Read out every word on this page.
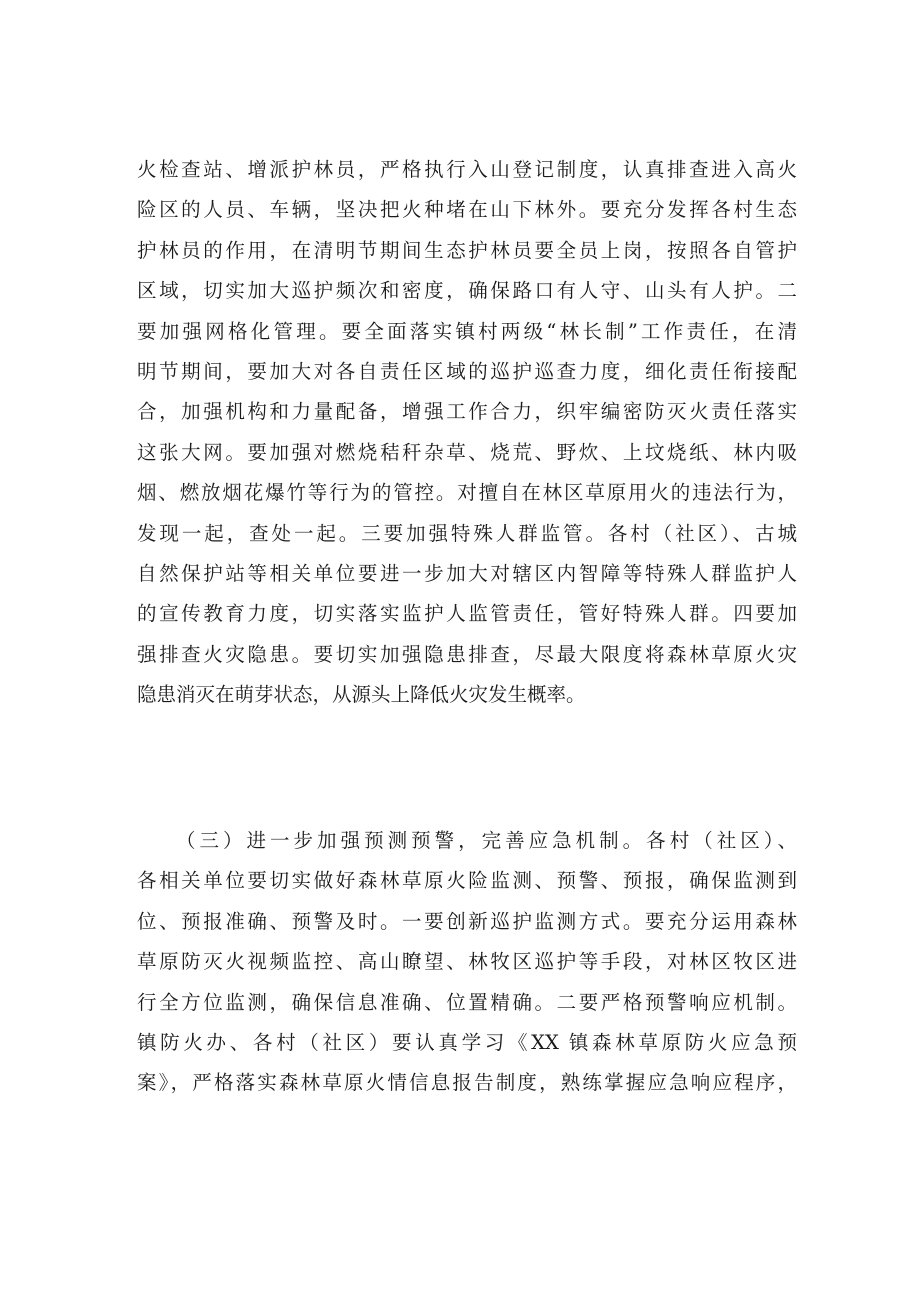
火检查站、增派护林员，严格执行入山登记制度，认真排查进入高火
险区的人员、车辆，坚决把火种堵在山下林外。要充分发挥各村生态
护林员的作用，在清明节期间生态护林员要全员上岗，按照各自管护
区域，切实加大巡护频次和密度，确保路口有人守、山头有人护。二
要加强网格化管理。要全面落实镇村两级“林长制”工作责任，在清
明节期间，要加大对各自责任区域的巡护巡查力度，细化责任衔接配
合，加强机构和力量配备，增强工作合力，织牢编密防灭火责任落实
这张大网。要加强对燃烧秸秆杂草、烧荒、野炊、上坟烧纸、林内吸
烟、燃放烟花爆竹等行为的管控。对擅自在林区草原用火的违法行为，
发现一起，查处一起。三要加强特殊人群监管。各村（社区）、古城
自然保护站等相关单位要进一步加大对辖区内智障等特殊人群监护人
的宣传教育力度，切实落实监护人监管责任，管好特殊人群。四要加
强排查火灾隐患。要切实加强隐患排查，尽最大限度将森林草原火灾
隐患消灭在萌芽状态，从源头上降低火灾发生概率。
（三）进一步加强预测预警，完善应急机制。各村（社区）、
各相关单位要切实做好森林草原火险监测、预警、预报，确保监测到
位、预报准确、预警及时。一要创新巡护监测方式。要充分运用森林
草原防灭火视频监控、高山瞭望、林牧区巡护等手段，对林区牧区进
行全方位监测，确保信息准确、位置精确。二要严格预警响应机制。
镇防火办、各村（社区）要认真学习《XX 镇森林草原防火应急预
案》，严格落实森林草原火情信息报告制度，熟练掌握应急响应程序，
